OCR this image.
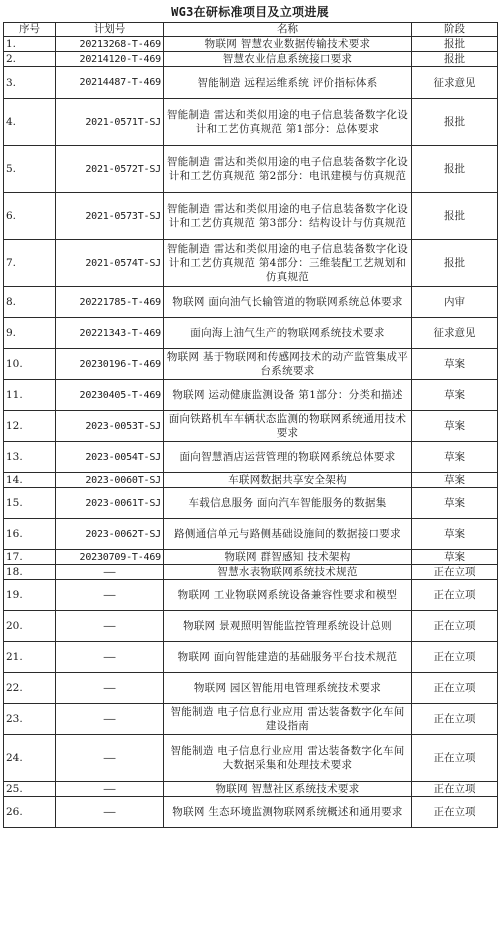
WG3在研标准项目及立项进展
序号	计划号	名称	阶段
1.	20213268-T-469	物联网 智慧农业数据传输技术要求	报批
2.	20214120-T-469	智慧农业信息系统接口要求	报批
3.	20214487-T-469	智能制造 远程运维系统 评价指标体系	征求意见
4.	2021-0571T-SJ	智能制造 雷达和类似用途的电子信息装备数字化设计和工艺仿真规范 第1部分：总体要求	报批
5.	2021-0572T-SJ	智能制造 雷达和类似用途的电子信息装备数字化设计和工艺仿真规范 第2部分：电讯建模与仿真规范	报批
6.	2021-0573T-SJ	智能制造 雷达和类似用途的电子信息装备数字化设计和工艺仿真规范 第3部分：结构设计与仿真规范	报批
7.	2021-0574T-SJ	智能制造 雷达和类似用途的电子信息装备数字化设计和工艺仿真规范 第4部分：三维装配工艺规划和仿真规范	报批
8.	20221785-T-469	物联网 面向油气长输管道的物联网系统总体要求	内审
9.	20221343-T-469	面向海上油气生产的物联网系统技术要求	征求意见
10.	20230196-T-469	物联网 基于物联网和传感网技术的动产监管集成平台系统要求	草案
11.	20230405-T-469	物联网 运动健康监测设备 第1部分：分类和描述	草案
12.	2023-0053T-SJ	面向铁路机车车辆状态监测的物联网系统通用技术要求	草案
13.	2023-0054T-SJ	面向智慧酒店运营管理的物联网系统总体要求	草案
14.	2023-0060T-SJ	车联网数据共享安全架构	草案
15.	2023-0061T-SJ	车载信息服务 面向汽车智能服务的数据集	草案
16.	2023-0062T-SJ	路侧通信单元与路侧基础设施间的数据接口要求	草案
17.	20230709-T-469	物联网 群智感知 技术架构	草案
18.	——	智慧水表物联网系统技术规范	正在立项
19.	——	物联网 工业物联网系统设备兼容性要求和模型	正在立项
20.	——	物联网 景观照明智能监控管理系统设计总则	正在立项
21.	——	物联网 面向智能建造的基础服务平台技术规范	正在立项
22.	——	物联网 园区智能用电管理系统技术要求	正在立项
23.	——	智能制造 电子信息行业应用 雷达装备数字化车间建设指南	正在立项
24.	——	智能制造 电子信息行业应用 雷达装备数字化车间大数据采集和处理技术要求	正在立项
25.	——	物联网 智慧社区系统技术要求	正在立项
26.	——	物联网 生态环境监测物联网系统概述和通用要求	正在立项
